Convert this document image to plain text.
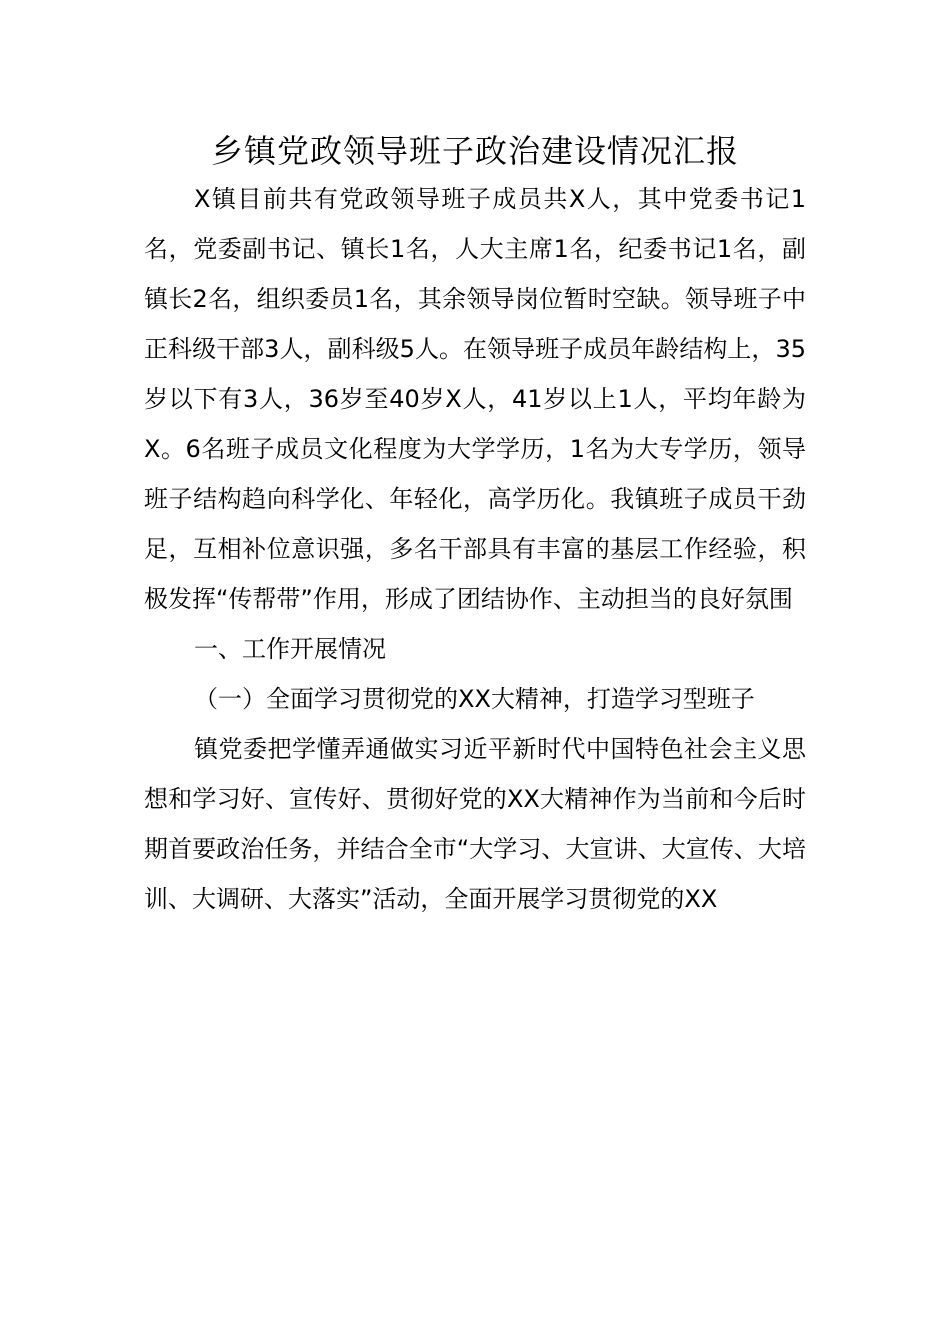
乡镇党政领导班子政治建设情况汇报

X镇目前共有党政领导班子成员共X人，其中党委书记1名，党委副书记、镇长1名，人大主席1名，纪委书记1名，副镇长2名，组织委员1名，其余领导岗位暂时空缺。领导班子中正科级干部3人，副科级5人。在领导班子成员年龄结构上，35岁以下有3人，36岁至40岁X人，41岁以上1人，平均年龄为X。6名班子成员文化程度为大学学历，1名为大专学历，领导班子结构趋向科学化、年轻化，高学历化。我镇班子成员干劲足，互相补位意识强，多名干部具有丰富的基层工作经验，积极发挥“传帮带”作用，形成了团结协作、主动担当的良好氛围

一、工作开展情况

（一）全面学习贯彻党的XX大精神，打造学习型班子

镇党委把学懂弄通做实习近平新时代中国特色社会主义思想和学习好、宣传好、贯彻好党的XX大精神作为当前和今后时期首要政治任务，并结合全市“大学习、大宣讲、大宣传、大培训、大调研、大落实”活动，全面开展学习贯彻党的XX
